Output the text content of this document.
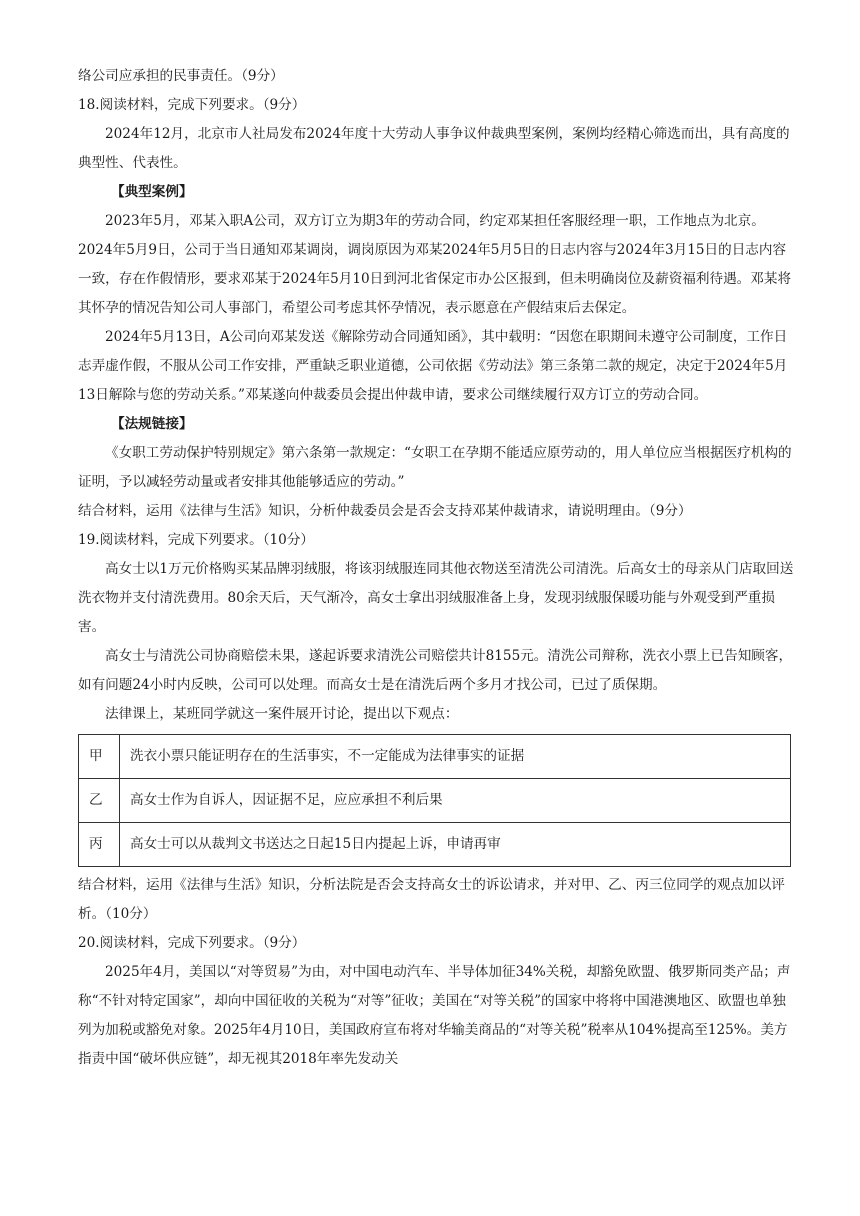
络公司应承担的民事责任。（9分）

18.阅读材料，完成下列要求。（9分）

2024年12月，北京市人社局发布2024年度十大劳动人事争议仲裁典型案例，案例均经精心筛选而出，具有高度的典型性、代表性。

【典型案例】

2023年5月，邓某入职A公司，双方订立为期3年的劳动合同，约定邓某担任客服经理一职，工作地点为北京。2024年5月9日，公司于当日通知邓某调岗，调岗原因为邓某2024年5月5日的日志内容与2024年3月15日的日志内容一致，存在作假情形，要求邓某于2024年5月10日到河北省保定市办公区报到，但未明确岗位及薪资福利待遇。邓某将其怀孕的情况告知公司人事部门，希望公司考虑其怀孕情况，表示愿意在产假结束后去保定。

2024年5月13日，A公司向邓某发送《解除劳动合同通知函》，其中载明：“因您在职期间未遵守公司制度，工作日志弄虚作假，不服从公司工作安排，严重缺乏职业道德，公司依据《劳动法》第三条第二款的规定，决定于2024年5月13日解除与您的劳动关系。”邓某遂向仲裁委员会提出仲裁申请，要求公司继续履行双方订立的劳动合同。

【法规链接】

《女职工劳动保护特别规定》第六条第一款规定：“女职工在孕期不能适应原劳动的，用人单位应当根据医疗机构的证明，予以减轻劳动量或者安排其他能够适应的劳动。”

结合材料，运用《法律与生活》知识，分析仲裁委员会是否会支持邓某仲裁请求，请说明理由。（9分）

19.阅读材料，完成下列要求。（10分）

高女士以1万元价格购买某品牌羽绒服，将该羽绒服连同其他衣物送至清洗公司清洗。后高女士的母亲从门店取回送洗衣物并支付清洗费用。80余天后，天气渐冷，高女士拿出羽绒服准备上身，发现羽绒服保暖功能与外观受到严重损害。

高女士与清洗公司协商赔偿未果，遂起诉要求清洗公司赔偿共计8155元。清洗公司辩称，洗衣小票上已告知顾客，如有问题24小时内反映，公司可以处理。而高女士是在清洗后两个多月才找公司，已过了质保期。

法律课上，某班同学就这一案件展开讨论，提出以下观点：

甲	洗衣小票只能证明存在的生活事实，不一定能成为法律事实的证据
乙	高女士作为自诉人，因证据不足，应应承担不利后果
丙	高女士可以从裁判文书送达之日起15日内提起上诉，申请再审

结合材料，运用《法律与生活》知识，分析法院是否会支持高女士的诉讼请求，并对甲、乙、丙三位同学的观点加以评析。（10分）

20.阅读材料，完成下列要求。（9分）

2025年4月，美国以“对等贸易”为由，对中国电动汽车、半导体加征34%关税，却豁免欧盟、俄罗斯同类产品；声称“不针对特定国家”，却向中国征收的关税为“对等”征收；美国在“对等关税”的国家中将将中国港澳地区、欧盟也单独列为加税或豁免对象。2025年4月10日，美国政府宣布将对华输美商品的“对等关税”税率从104%提高至125%。美方指责中国“破坏供应链”，却无视其2018年率先发动关
